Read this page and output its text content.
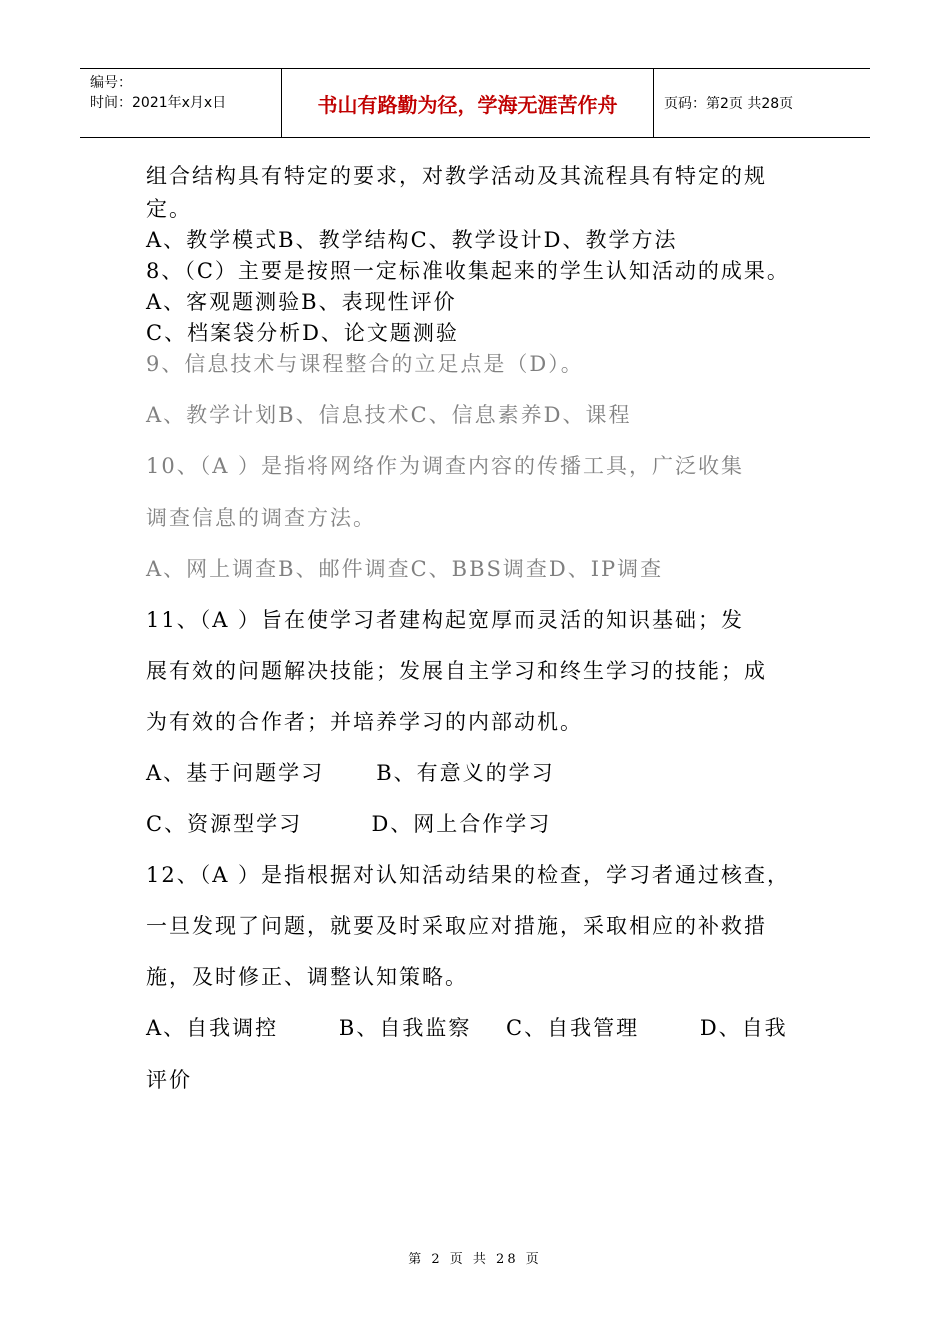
编号：
时间：2021年x月x日	书山有路勤为径，学海无涯苦作舟	页码：第2页 共28页
组合结构具有特定的要求，对教学活动及其流程具有特定的规
定。
A、教学模式B、教学结构C、教学设计D、教学方法
8、（C）主要是按照一定标准收集起来的学生认知活动的成果。
A、客观题测验B、表现性评价
C、档案袋分析D、论文题测验
9、信息技术与课程整合的立足点是（D）。
A、教学计划B、信息技术C、信息素养D、课程
10、（A ）是指将网络作为调查内容的传播工具，广泛收集
调查信息的调查方法。
A、网上调查B、邮件调查C、BBS调查D、IP调查
11、（A ）旨在使学习者建构起宽厚而灵活的知识基础；发
展有效的问题解决技能；发展自主学习和终生学习的技能；成
为有效的合作者；并培养学习的内部动机。
A、基于问题学习      B、有意义的学习
C、资源型学习        D、网上合作学习
12、（A ）是指根据对认知活动结果的检查，学习者通过核查，
一旦发现了问题，就要及时采取应对措施，采取相应的补救措
施，及时修正、调整认知策略。
A、自我调控       B、自我监察    C、自我管理       D、自我
评价
第 2 页 共 28 页
